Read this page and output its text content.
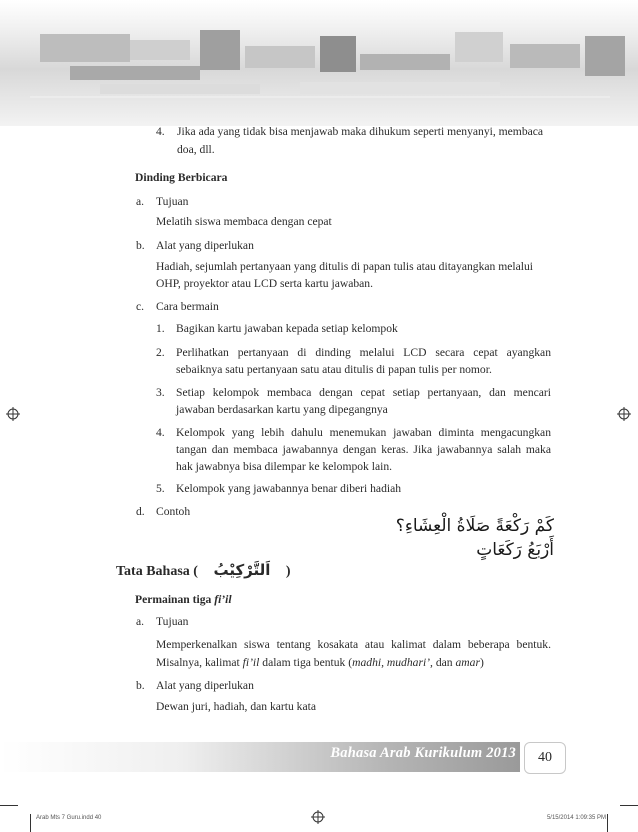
4. Jika ada yang tidak bisa menjawab maka dihukum seperti menyanyi, membaca
doa, dll.
Dinding Berbicara
a. Tujuan
Melatih siswa membaca dengan cepat
b. Alat yang diperlukan
Hadiah, sejumlah pertanyaan yang ditulis di papan tulis atau ditayangkan melalui
OHP, proyektor atau LCD serta kartu jawaban.
c. Cara bermain
1. Bagikan kartu jawaban kepada setiap kelompok
2. Perlihatkan pertanyaan di dinding melalui LCD secara cepat ayangkan
sebaiknya satu pertanyaan satu atau ditulis di papan tulis per nomor.
3. Setiap kelompok membaca dengan cepat setiap pertanyaan, dan mencari
jawaban berdasarkan kartu yang dipegangnya
4. Kelompok yang lebih dahulu menemukan jawaban diminta mengacungkan
tangan dan membaca jawabannya dengan keras. Jika jawabannya salah maka
hak jawabnya bisa dilempar ke kelompok lain.
5. Kelompok yang jawabannya benar diberi hadiah
d. Contoh
كَمْ رَكْعَةً صَلَاةُ الْعِشَاءِ؟
أَرْبَعُ رَكَعَاتٍ
Tata Bahasa ( اَلتَّرْكِيْبُ )
Permainan tiga fi’il
a. Tujuan
Memperkenalkan siswa tentang kosakata atau kalimat dalam beberapa bentuk.
Misalnya, kalimat fi’il dalam tiga bentuk (madhi, mudhari’, dan amar)
b. Alat yang diperlukan
Dewan juri, hadiah, dan kartu kata
Bahasa Arab Kurikulum 2013	40
Arab Mts 7 Guru.indd 40	5/15/2014 1:09:35 PM
